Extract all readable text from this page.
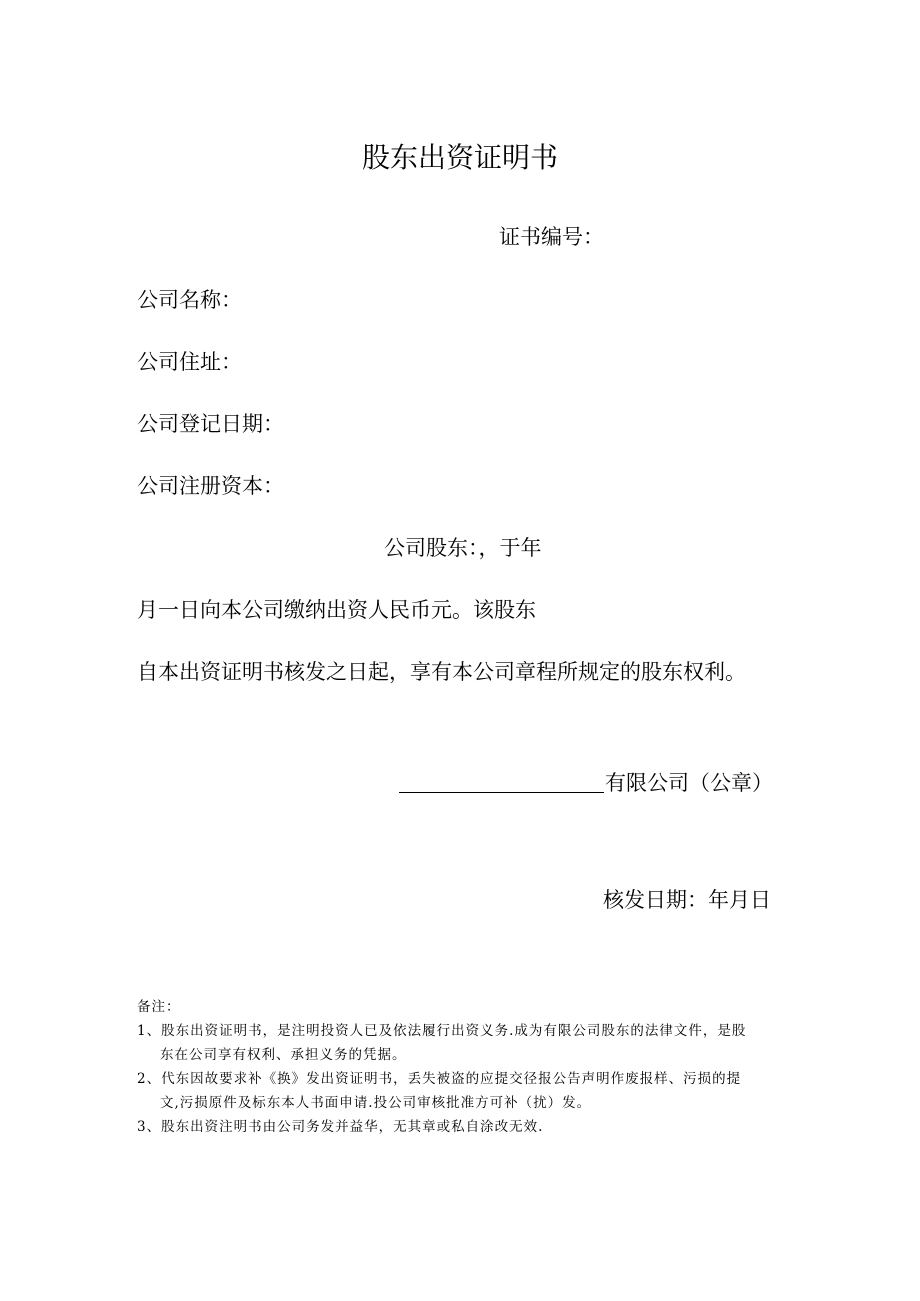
股东出资证明书
证书编号：
公司名称：
公司住址：
公司登记日期：
公司注册资本：
公司股东：，于年
月一日向本公司缴纳出资人民币元。该股东
自本出资证明书核发之日起，享有本公司章程所规定的股东权利。
有限公司（公章）
核发日期：年月日
备注：
1、股东出资证明书，是注明投资人已及依法履行出资义务.成为有限公司股东的法律文件，是股
东在公司享有权利、承担义务的凭据。
2、代东因故要求补《换》发出资证明书，丢失被盗的应提交径报公告声明作废报样、污损的提
文,污损原件及标东本人书面申请.投公司审核批准方可补（扰）发。
3、股东出资注明书由公司务发并益华，无其章或私自涂改无效.
